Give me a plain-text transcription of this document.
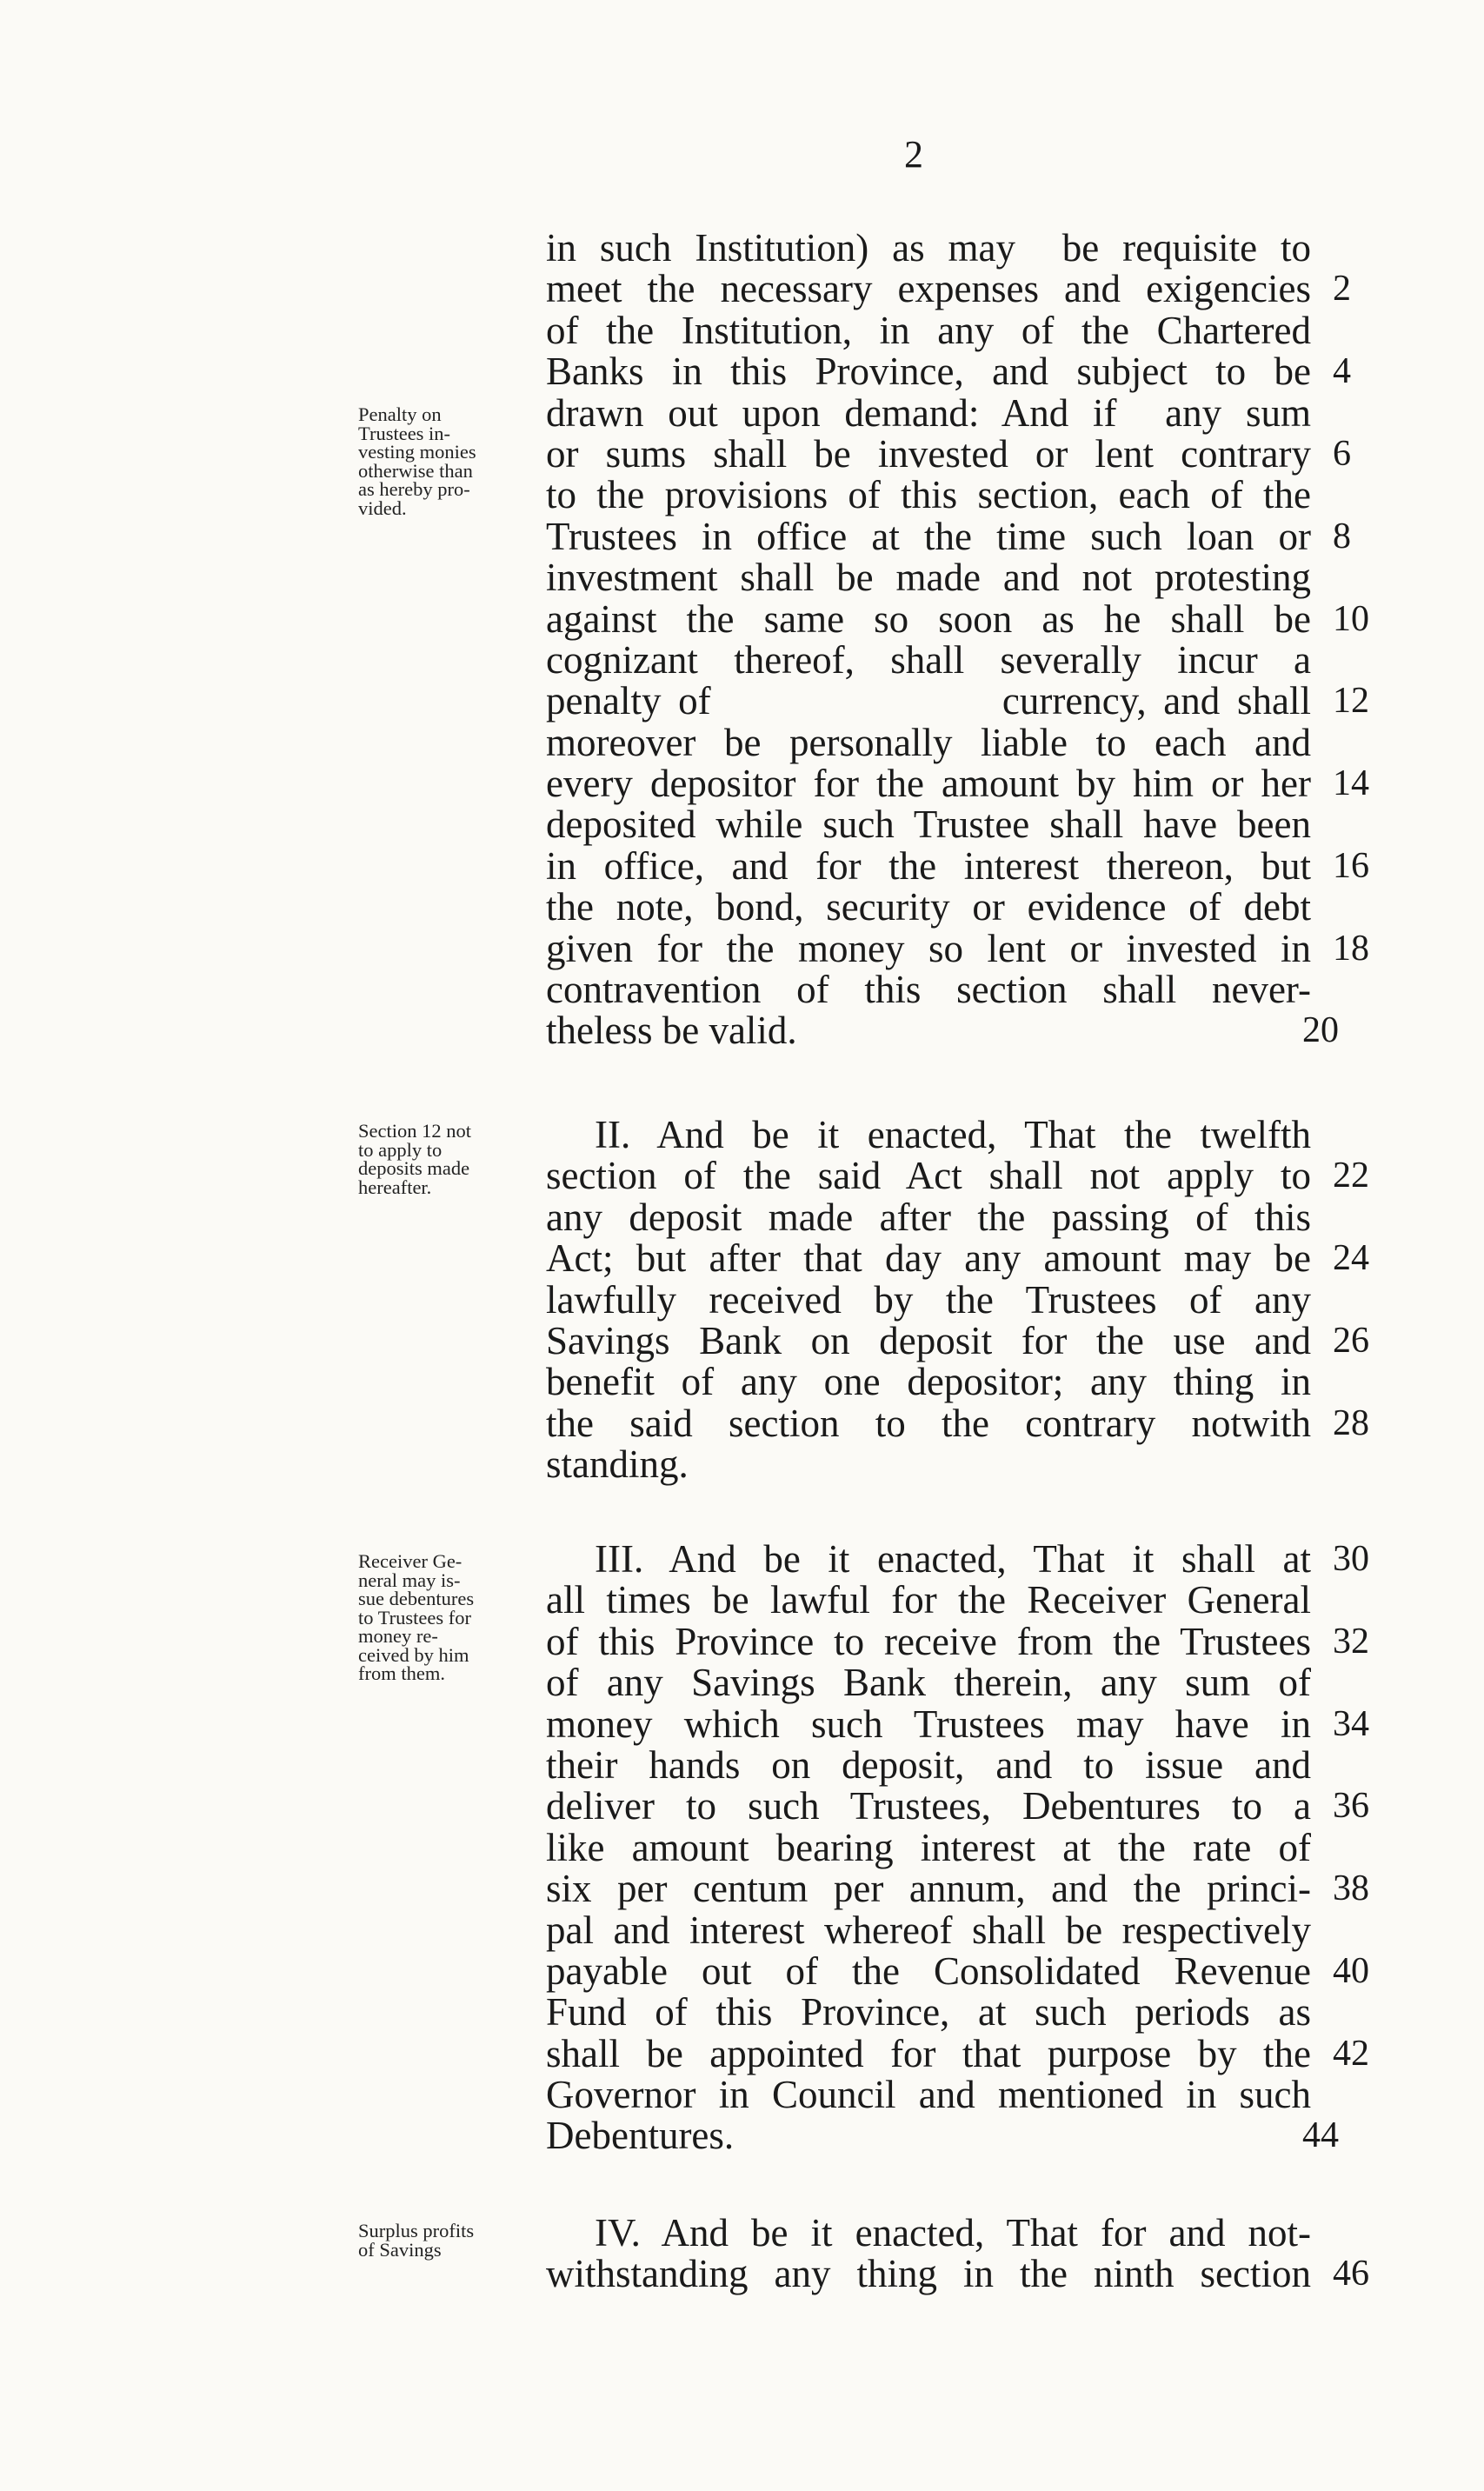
2
in such Institution) as may  be requisite to
meet the necessary expenses and exigencies 2
of the Institution, in any of the Chartered
Banks in this Province, and subject to be 4
drawn out upon demand: And if  any sum
or sums shall be invested or lent contrary 6
to the provisions of this section, each of the
Trustees in office at the time such loan or 8
investment shall be made and not protesting
against the same so soon as he shall be 10
cognizant thereof, shall severally incur a
penalty of                 currency, and shall 12
moreover be personally liable to each and
every depositor for the amount by him or her 14
deposited while such Trustee shall have been
in office, and for the interest thereon, but 16
the note, bond, security or evidence of debt
given for the money so lent or invested in 18
contravention of this section shall never-
theless be valid.	20
II. And be it enacted, That the twelfth
section of the said Act shall not apply to 22
any deposit made after the passing of this
Act; but after that day any amount may be 24
lawfully received by the Trustees of any
Savings Bank on deposit for the use and 26
benefit of any one depositor; any thing in
the said section to the contrary notwith 28
standing.
III. And be it enacted, That it shall at 30
all times be lawful for the Receiver General
of this Province to receive from the Trustees 32
of any Savings Bank therein, any sum of
money which such Trustees may have in 34
their hands on deposit, and to issue and
deliver to such Trustees, Debentures to a 36
like amount bearing interest at the rate of
six per centum per annum, and the princi- 38
pal and interest whereof shall be respectively
payable out of the Consolidated Revenue 40
Fund of this Province, at such periods as
shall be appointed for that purpose by the 42
Governor in Council and mentioned in such
Debentures.	44
IV. And be it enacted, That for and not-
withstanding any thing in the ninth section 46
Penalty on
Trustees in-
vesting monies
otherwise than
as hereby pro-
vided.
Section 12 not
to apply to
deposits made
hereafter.
Receiver Ge-
neral may is-
sue debentures
to Trustees for
money re-
ceived by him
from them.
Surplus profits
of Savings
